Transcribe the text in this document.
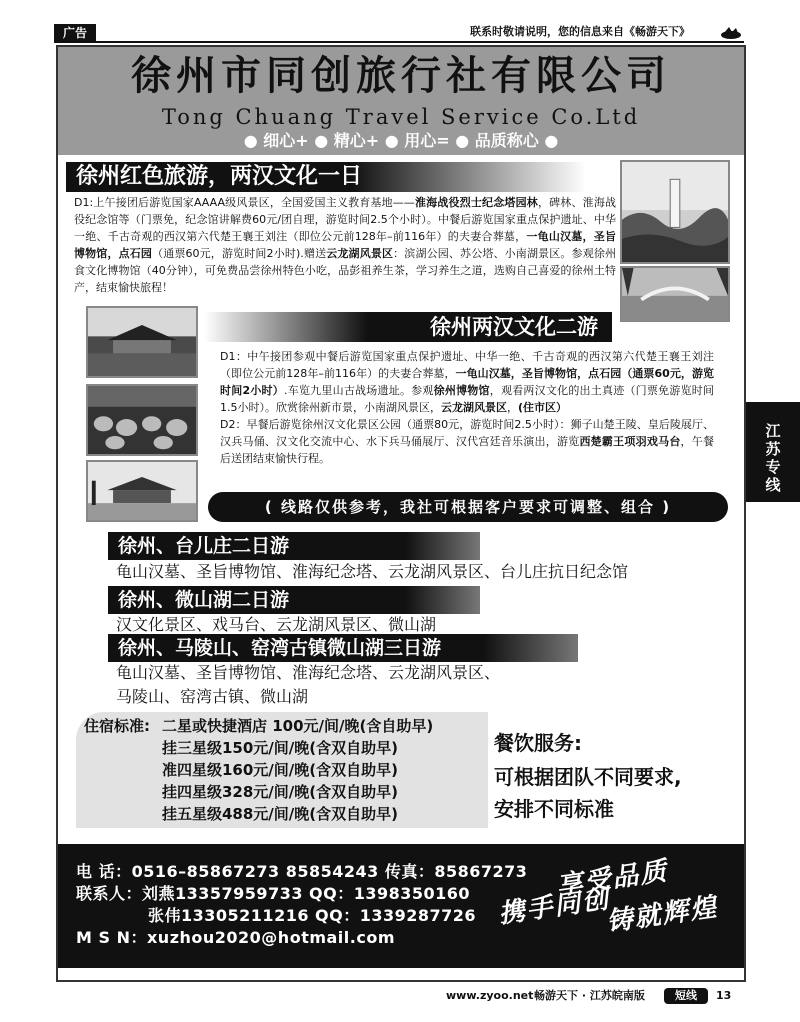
广告	联系时敬请说明，您的信息来自《畅游天下》
徐州市同创旅行社有限公司
Tong Chuang Travel Service Co.Ltd
● 细心+ ● 精心+ ● 用心= ● 品质称心 ●
徐州红色旅游，两汉文化一日
D1:上午接团后游览国家AAAA级风景区，全国爱国主义教育基地——淮海战役烈士纪念塔园林，碑林、淮海战役纪念馆等（门票免，纪念馆讲解费60元/团自理，游览时间2.5个小时）。中餐后游览国家重点保护遗址、中华一绝、千古奇观的西汉第六代楚王襄王刘注（即位公元前128年–前116年）的夫妻合葬墓，一龟山汉墓，圣旨博物馆，点石园（通票60元，游览时间2小时).赠送云龙湖风景区：滨湖公园、苏公塔、小南湖景区。参观徐州食文化博物馆（40分钟），可免费品尝徐州特色小吃，品彭祖养生茶，学习养生之道，选购自己喜爱的徐州土特产，结束愉快旅程！
徐州两汉文化二游
D1：中午接团参观中餐后游览国家重点保护遗址、中华一绝、千古奇观的西汉第六代楚王襄王刘注（即位公元前128年–前116年）的夫妻合葬墓，一龟山汉墓，圣旨博物馆，点石园（通票60元，游览时间2小时）.车览九里山古战场遗址。参观徐州博物馆，观看两汉文化的出土真迹（门票免游览时间1.5小时）。欣赏徐州新市景，小南湖风景区，云龙湖风景区，(住市区）
D2：早餐后游览徐州汉文化景区公园（通票80元，游览时间2.5小时）：狮子山楚王陵、皇后陵展厅、汉兵马俑、汉文化交流中心、水下兵马俑展厅、汉代宫廷音乐演出，游览西楚霸王项羽戏马台，午餐后送团结束愉快行程。
( 线路仅供参考，我社可根据客户要求可调整、组合 )
徐州、台儿庄二日游
龟山汉墓、圣旨博物馆、淮海纪念塔、云龙湖风景区、台儿庄抗日纪念馆
徐州、微山湖二日游
汉文化景区、戏马台、云龙湖风景区、微山湖
徐州、马陵山、窑湾古镇微山湖三日游
龟山汉墓、圣旨博物馆、淮海纪念塔、云龙湖风景区、
马陵山、窑湾古镇、微山湖
住宿标准: 二星或快捷酒店 100元/间/晚(含自助早)
挂三星级150元/间/晚(含双自助早)
准四星级160元/间/晚(含双自助早)
挂四星级328元/间/晚(含双自助早)
挂五星级488元/间/晚(含双自助早)
餐饮服务:
可根据团队不同要求,
安排不同标准
电 话：0516–85867273 85854243 传真：85867273
联系人：刘燕13357959733 QQ：1398350160
张伟13305211216 QQ：1339287726
M S N：xuzhou2020@hotmail.com
携手同创
享受品质
铸就辉煌
江
苏
专
线
www.zyoo.net 畅游天下 · 江苏皖南版	短线	13
